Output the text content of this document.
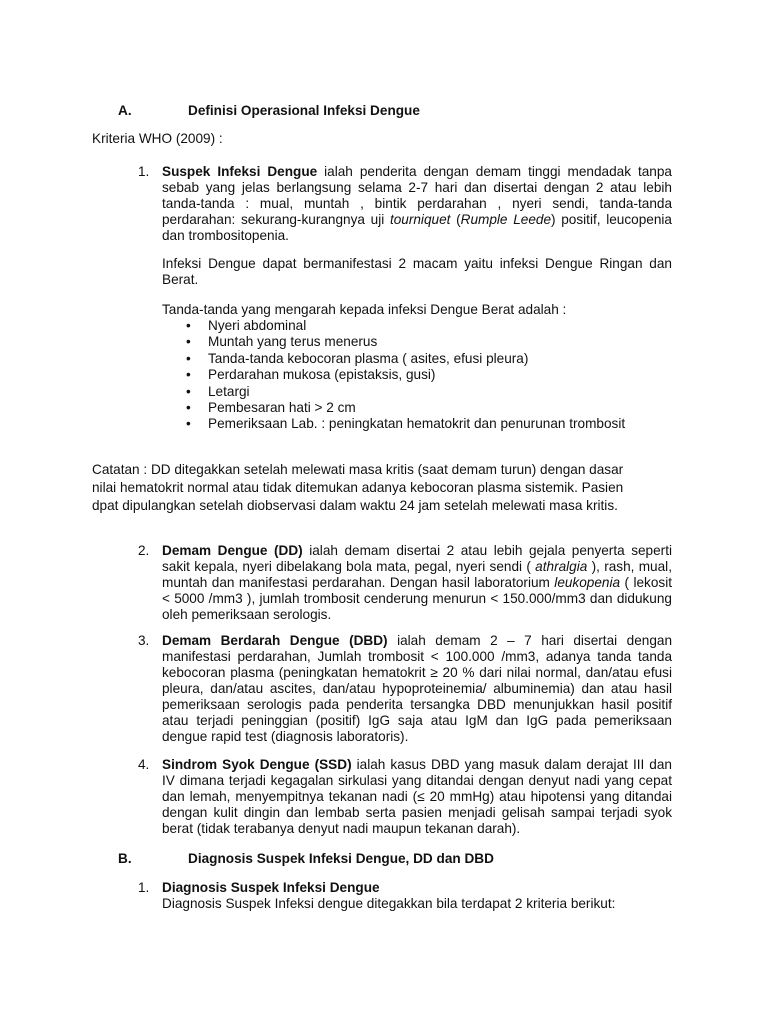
A.	Definisi Operasional Infeksi Dengue
Kriteria WHO (2009) :
1. Suspek Infeksi Dengue ialah penderita dengan demam tinggi mendadak tanpa sebab yang jelas berlangsung selama 2-7 hari dan disertai dengan 2 atau lebih tanda-tanda : mual, muntah , bintik perdarahan , nyeri sendi, tanda-tanda perdarahan: sekurang-kurangnya uji tourniquet (Rumple Leede) positif, leucopenia dan trombositopenia.

Infeksi Dengue dapat bermanifestasi 2 macam yaitu infeksi Dengue Ringan dan Berat.

Tanda-tanda yang mengarah kepada infeksi Dengue Berat adalah :

• Nyeri abdominal
• Muntah yang terus menerus
• Tanda-tanda kebocoran plasma ( asites, efusi pleura)
• Perdarahan mukosa (epistaksis, gusi)
• Letargi
• Pembesaran hati > 2 cm
• Pemeriksaan Lab. : peningkatan hematokrit dan penurunan trombosit

Catatan : DD ditegakkan setelah melewati masa kritis (saat demam turun) dengan dasar

nilai hematokrit normal atau tidak ditemukan adanya kebocoran plasma sistemik. Pasien

dpat dipulangkan setelah diobservasi dalam waktu 24 jam setelah melewati masa kritis.

2. Demam Dengue (DD) ialah demam disertai 2 atau lebih gejala penyerta seperti sakit kepala, nyeri dibelakang bola mata, pegal, nyeri sendi ( athralgia ), rash, mual, muntah dan manifestasi perdarahan. Dengan hasil laboratorium leukopenia ( lekosit < 5000 /mm3 ), jumlah trombosit cenderung menurun < 150.000/mm3 dan didukung oleh pemeriksaan serologis.

3. Demam Berdarah Dengue (DBD) ialah demam 2 – 7 hari disertai dengan manifestasi perdarahan, Jumlah trombosit < 100.000 /mm3, adanya tanda tanda kebocoran plasma (peningkatan hematokrit ≥ 20 % dari nilai normal, dan/atau efusi pleura, dan/atau ascites, dan/atau hypoproteinemia/ albuminemia) dan atau hasil pemeriksaan serologis pada penderita tersangka DBD menunjukkan hasil positif atau terjadi peninggian (positif) IgG saja atau IgM dan IgG pada pemeriksaan dengue rapid test (diagnosis laboratoris).

4. Sindrom Syok Dengue (SSD) ialah kasus DBD yang masuk dalam derajat III dan IV dimana terjadi kegagalan sirkulasi yang ditandai dengan denyut nadi yang cepat dan lemah, menyempitnya tekanan nadi (≤ 20 mmHg) atau hipotensi yang ditandai dengan kulit dingin dan lembab serta pasien menjadi gelisah sampai terjadi syok berat (tidak terabanya denyut nadi maupun tekanan darah).

B.	Diagnosis Suspek Infeksi Dengue, DD dan DBD
1. Diagnosis Suspek Infeksi Dengue

Diagnosis Suspek Infeksi dengue ditegakkan bila terdapat 2 kriteria berikut:
